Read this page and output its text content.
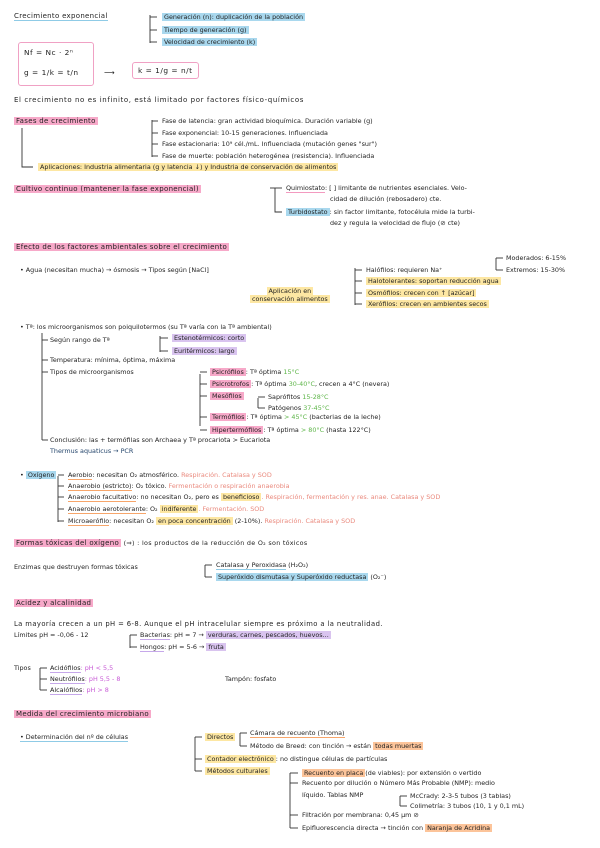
Crecimiento exponencial	Generación (n): duplicación de la población
Tiempo de generación (g)
Velocidad de crecimiento (k)
Nf = Nc · 2ⁿ
g = 1/k = t/n	⟶	k = 1/g = n/t
El crecimiento no es infinito, está limitado por factores físico-químicos
Fases de crecimiento	Fase de latencia: gran actividad bioquímica. Duración variable (g)
Fase exponencial: 10-15 generaciones. Influenciada
Fase estacionaria: 10⁹ cél./mL. Influenciada (mutación genes "sur")
Fase de muerte: población heterogénea (resistencia). Influenciada
Aplicaciones: Industria alimentaria (g y latencia ↓) y Industria de conservación de alimentos
Cultivo continuo (mantener la fase exponencial)	Quimiostato: [ ] limitante de nutrientes esenciales. Velo-
cidad de dilución (rebosadero) cte.
Turbidostato : sin factor limitante, fotocélula mide la turbi-
dez y regula la velocidad de flujo (⊘ cte)
Efecto de los factores ambientales sobre el crecimiento
• Agua (necesitan mucha) → ósmosis → Tipos según [NaCl]	Halófilos: requieren Na⁺
Moderados: 6-15%
Extremos: 15-30%
Halotolerantes: soportan reducción agua
Osmófilos: crecen con ↑ [azúcar]
Xerófilos: crecen en ambientes secos
Aplicación en
conservación alimentos
• Tª: los microorganismos son poiquilotermos (su Tª varía con la Tª ambiental)
Según rango de Tª	Estenotérmicos: corto
Euritérmicos: largo
Temperatura: mínima, óptima, máxima
Tipos de microorganismos	Psicrófilos : Tª óptima 15°C
Psicrotrofos : Tª óptima 30-40°C, crecen a 4°C (nevera)
Mesófilos	Saprófitos 15-28°C
Patógenos 37-45°C
Termófilos : Tª óptima > 45°C (bacterias de la leche)
Hipertermófilos : Tª óptima > 80°C (hasta 122°C)
Conclusión: las + termófilas son Archaea y Tª procariota > Eucariota
Thermus aquaticus → PCR
• Oxígeno	Aerobio: necesitan O₂ atmosférico. Respiración. Catalasa y SOD
Anaerobio (estricto): O₂ tóxico. Fermentación o respiración anaerobia
Anaerobio facultativo: no necesitan O₂, pero es beneficioso . Respiración, fermentación y res. anae. Catalasa y SOD
Anaerobio aerotolerante: O₂ indiferente . Fermentación. SOD
Microaerófilo: necesitan O₂ en poca concentración (2-10%). Respiración. Catalasa y SOD
Formas tóxicas del oxígeno (⇒) : los productos de la reducción de O₂ son tóxicos
Enzimas que destruyen formas tóxicas	Catalasa y Peroxidasa (H₂O₂)
Superóxido dismutasa y Superóxido reductasa (O₂⁻)
Acidez y alcalinidad
La mayoría crecen a un pH = 6-8. Aunque el pH intracelular siempre es próximo a la neutralidad.
Límites pH = -0,06 - 12	Bacterias: pH = 7 → verduras, carnes, pescados, huevos...
Hongos: pH = 5-6 → fruta
Tipos	Acidófilos: pH < 5,5
Neutrófilos: pH 5,5 - 8
Alcalófilos: pH > 8
Tampón: fosfato
Medida del crecimiento microbiano
• Determinación del nº de células	Directos	Cámara de recuento (Thoma)
Método de Breed: con tinción → están todas muertas
Contador electrónico : no distingue células de partículas
Métodos culturales	Recuento en placa (de viables): por extensión o vertido
Recuento por dilución o Número Más Probable (NMP): medio
líquido. Tablas NMP	McCrady: 2-3-5 tubos (3 tablas)
Colimetría: 3 tubos (10, 1 y 0,1 mL)
Filtración por membrana: 0,45 µm ⊘
Epifluorescencia directa → tinción con Naranja de Acridina
